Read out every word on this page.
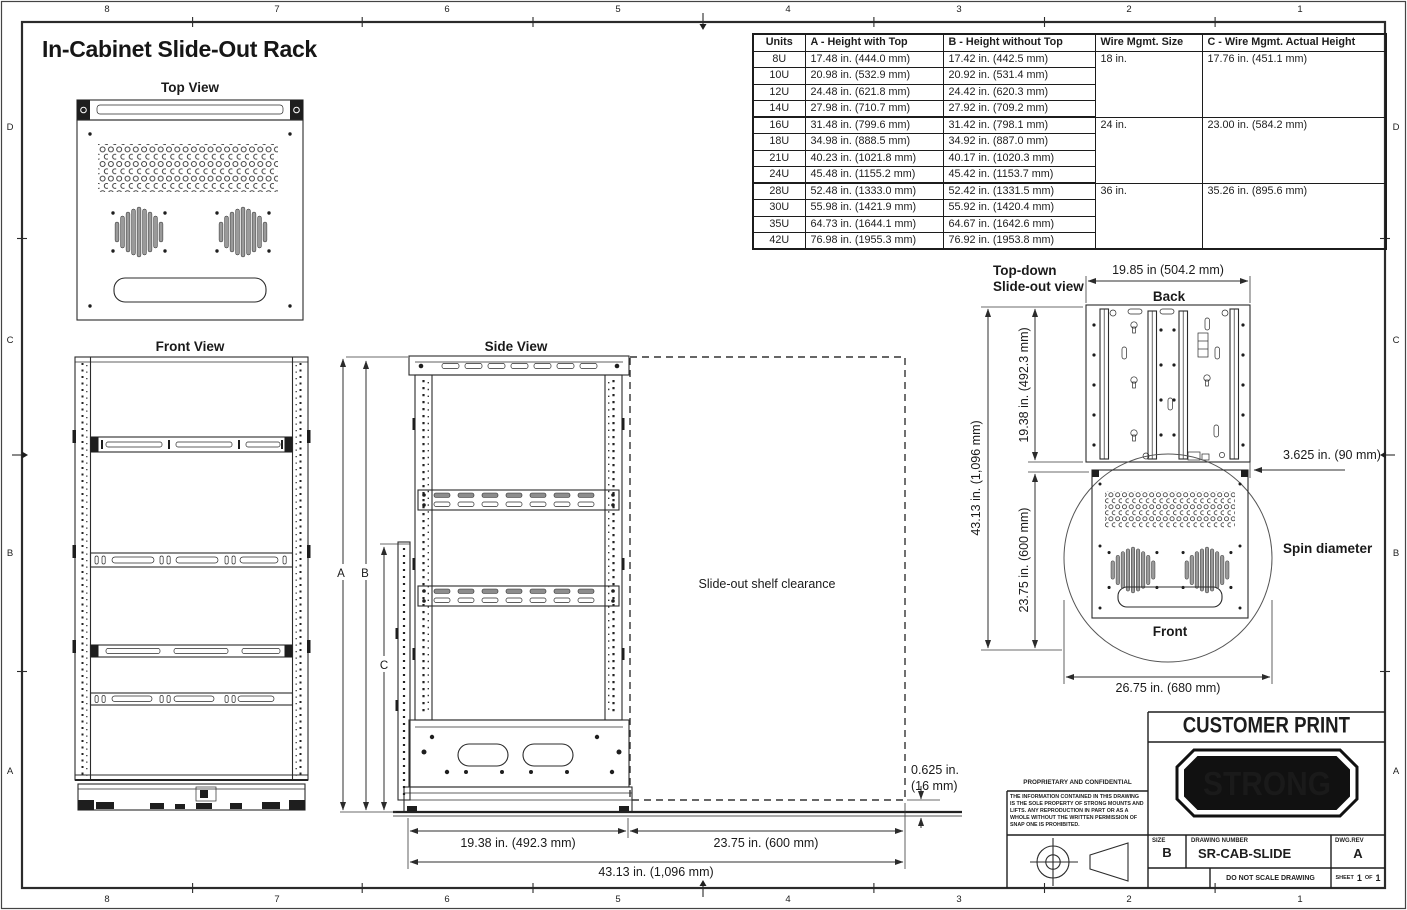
STRONG
Top View
Front View	Side View
Slide-out shelf clearance
A B
C
19.38 in. (492.3 mm)	23.75 in. (600 mm)
43.13 in. (1,096 mm)
0.625 in.
(16 mm)
Top-down
Slide-out view
19.85 in (504.2 mm)
Back
Front
Spin diameter
3.625 in. (90 mm)
26.75 in. (680 mm)
19.38 in. (492.3 mm)
23.75 in. (600 mm)
43.13 in. (1,096 mm)
In-Cabinet Slide-Out Rack
8	7	6	5	4	3	2	1
8	7	6	5	4	3	2	1
D
C
B
A
D
C
B
A
Units	A - Height with Top	B - Height without Top	Wire Mgmt. Size	C - Wire Mgmt. Actual Height
8U	17.48 in. (444.0 mm)	17.42 in. (442.5 mm)	18 in.	17.76 in. (451.1 mm)
10U	20.98 in. (532.9 mm)	20.92 in. (531.4 mm)		
12U	24.48 in. (621.8 mm)	24.42 in. (620.3 mm)		
14U	27.98 in. (710.7 mm)	27.92 in. (709.2 mm)		
16U	31.48 in. (799.6 mm)	31.42 in. (798.1 mm)	24 in.	23.00 in. (584.2 mm)
18U	34.98 in. (888.5 mm)	34.92 in. (887.0 mm)		
21U	40.23 in. (1021.8 mm)	40.17 in. (1020.3 mm)		
24U	45.48 in. (1155.2 mm)	45.42 in. (1153.7 mm)		
28U	52.48 in. (1333.0 mm)	52.42 in. (1331.5 mm)	36 in.	35.26 in. (895.6 mm)
30U	55.98 in. (1421.9 mm)	55.92 in. (1420.4 mm)		
35U	64.73 in. (1644.1 mm)	64.67 in. (1642.6 mm)		
42U	76.98 in. (1955.3 mm)	76.92 in. (1953.8 mm)		
CUSTOMER PRINT
SIZE
B
DRAWING NUMBER
SR-CAB-SLIDE
DWG.REV
A
DO NOT SCALE DRAWING	SHEET 1 OF 1
PROPRIETARY AND CONFIDENTIAL
THE INFORMATION CONTAINED IN THIS DRAWING
IS THE SOLE PROPERTY OF STRONG MOUNTS AND
LIFTS. ANY REPRODUCTION IN PART OR AS A
WHOLE WITHOUT THE WRITTEN PERMISSION OF
SNAP ONE IS PROHIBITED.
